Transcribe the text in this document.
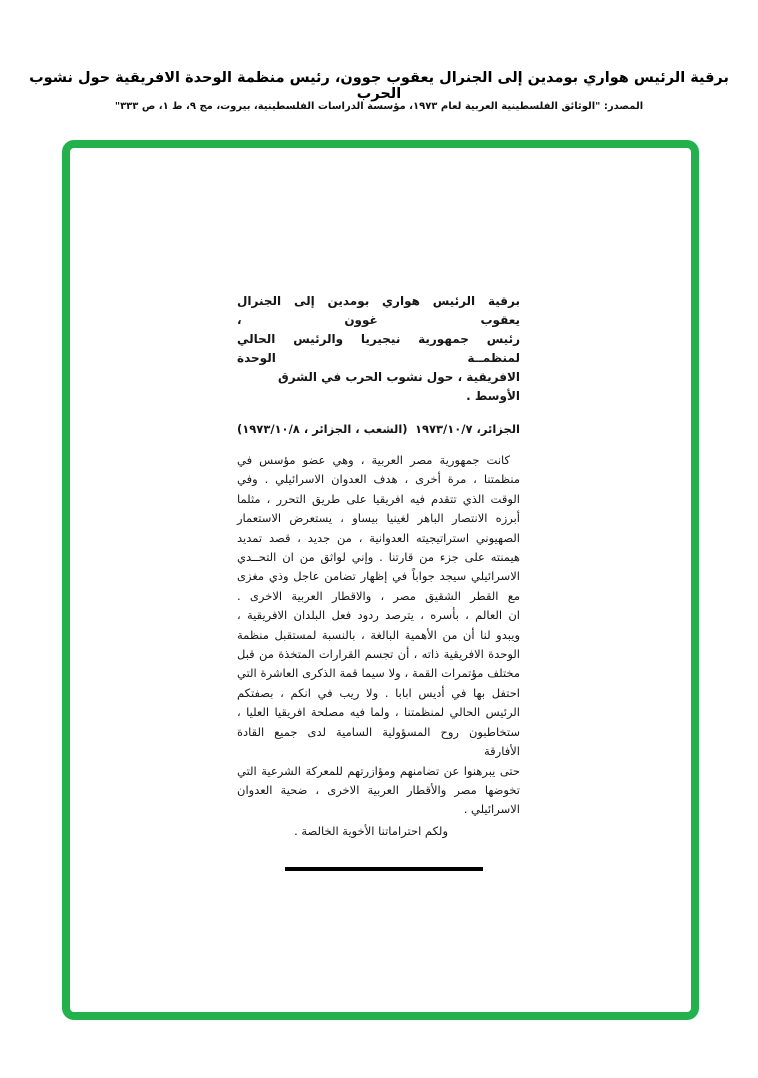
برقية الرئيس هواري بومدين إلى الجنرال يعقوب جوون، رئيس منظمة الوحدة الافريقية حول نشوب الحرب
المصدر: "الوثائق الفلسطينية العربية لعام ١٩٧٣، مؤسسة الدراسات الفلسطينية، بيروت، مج ٩، ط ١، ص ٣٣٣"
برقية الرئيس هواري بومدين إلى الجنرال يعقوب غوون ،
رئيس جمهورية نيجيريا والرئيس الحالي لمنظمــة الوحدة
الافريقية ، حول نشوب الحرب في الشرق الأوسط .
الجزائر، ١٩٧٣/١٠/٧
(الشعب ، الجزائر ، ١٩٧٣/١٠/٨)
كانت جمهورية مصر العربية ، وهي عضو مؤسس في
منظمتنا ، مرة أخرى ، هدف العدوان الاسرائيلي . وفي
الوقت الذي تتقدم فيه افريقيا على طريق التحرر ، مثلما
أبرزه الانتصار الباهر لغينيا بيساو ، يستعرض الاستعمار
الصهيوني استراتيجيته العدوانية ، من جديد ، قصد تمديد
هيمنته على جزء من قارتنا . وإني لواثق من ان التحــدي
الاسرائيلي سيجد جواباً في إظهار تضامن عاجل وذي مغزى
مع القطر الشقيق مصر ، والاقطار العربية الاخرى .
ان العالم ، بأسره ، يترصد ردود فعل البلدان الافريقية ،
ويبدو لنا أن من الأهمية البالغة ، بالنسبة لمستقبل منظمة
الوحدة الافريقية ذاته ، أن تجسم القرارات المتخذة من قبل
مختلف مؤتمرات القمة ، ولا سيما قمة الذكرى العاشرة التي
احتفل بها في أديس ابابا . ولا ريب في انكم ، بصفتكم
الرئيس الحالي لمنظمتنا ، ولما فيه مصلحة افريقيا العليا ،
ستخاطبون روح المسؤولية السامية لدى جميع القادة الأفارقة
حتى يبرهنوا عن تضامنهم ومؤازرتهم للمعركة الشرعية التي
تخوضها مصر والأقطار العربية الاخرى ، ضحية العدوان
الاسرائيلي .
ولكم احتراماتنا الأخوية الخالصة .
